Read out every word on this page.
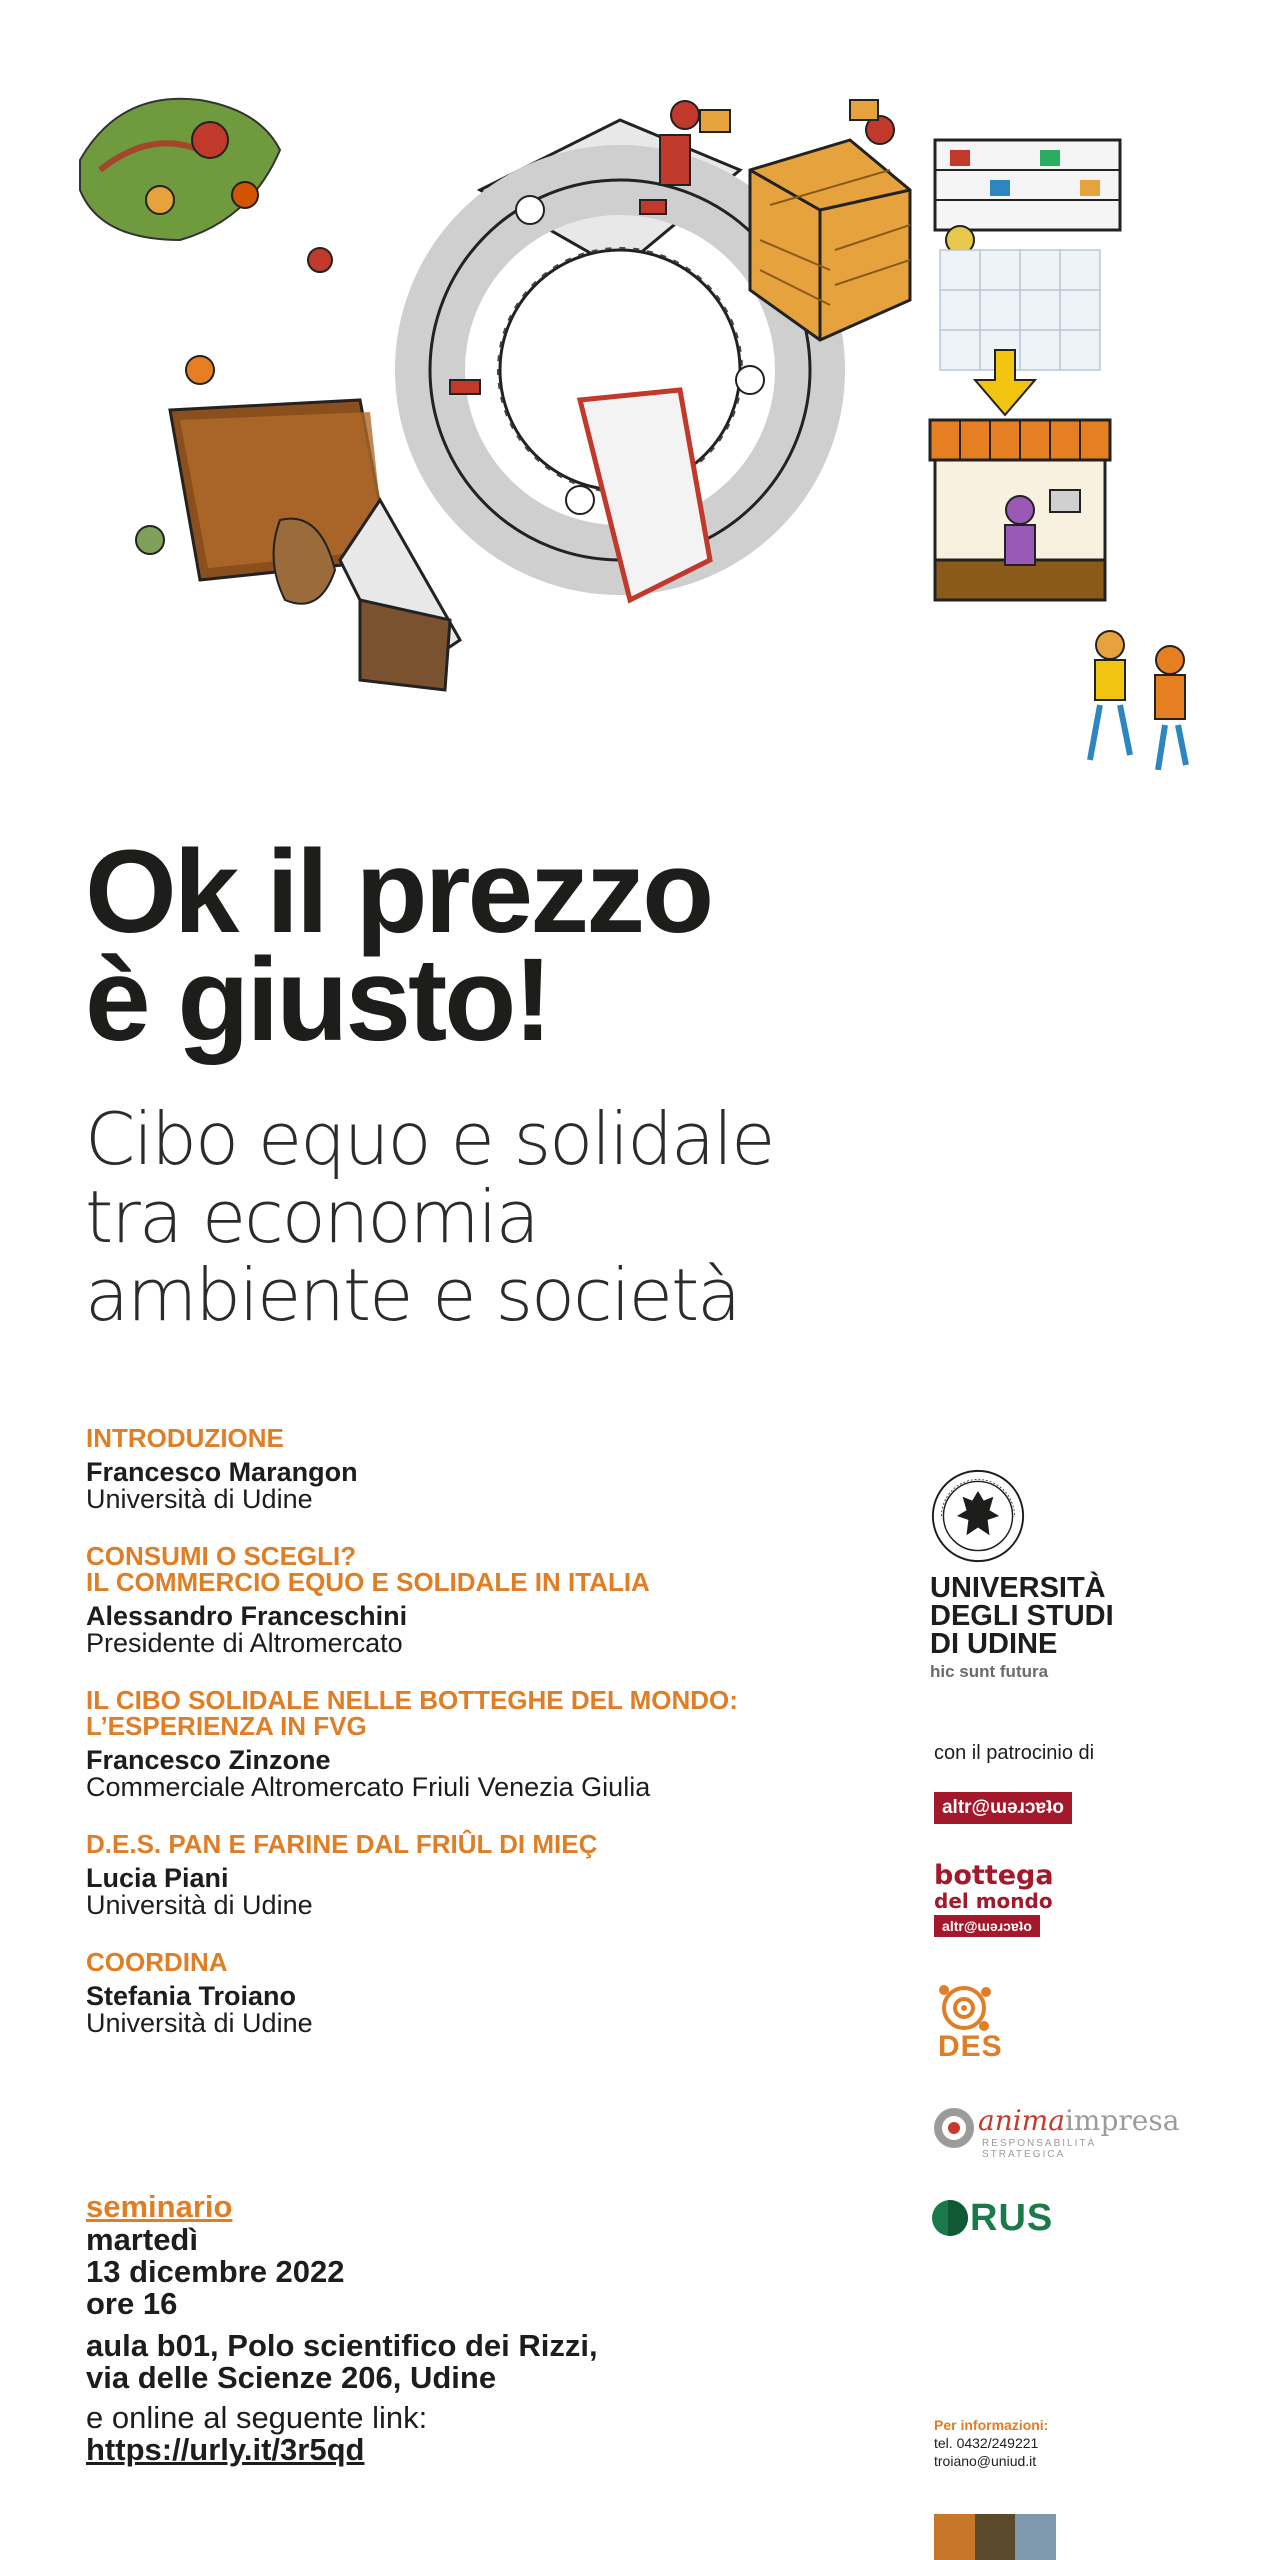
Ok il prezzo
è giusto!
Cibo equo e solidale
tra economia
ambiente e società
INTRODUZIONE
Francesco Marangon
Università di Udine
CONSUMI O SCEGLI?
IL COMMERCIO EQUO E SOLIDALE IN ITALIA
Alessandro Franceschini
Presidente di Altromercato
IL CIBO SOLIDALE NELLE BOTTEGHE DEL MONDO:
L’ESPERIENZA IN FVG
Francesco Zinzone
Commerciale Altromercato Friuli Venezia Giulia
D.E.S. PAN E FARINE DAL FRIÛL DI MIEÇ
Lucia Piani
Università di Udine
COORDINA
Stefania Troiano
Università di Udine
seminario
martedì
13 dicembre 2022
ore 16
aula b01, Polo scientifico dei Rizzi,
via delle Scienze 206, Udine
e online al seguente link:
https://urly.it/3r5qd
UNIVERSITÀ
DEGLI STUDI
DI UDINE
hic sunt futura
con il patrocinio di
altr@ɯǝɹɔɐʇo
bottega
del mondo
altr@ɯǝɹɔɐʇo
DES
animaimpresa
RESPONSABILITÀ STRATEGICA
RUS
Per informazioni:
tel. 0432/249221
troiano@uniud.it
